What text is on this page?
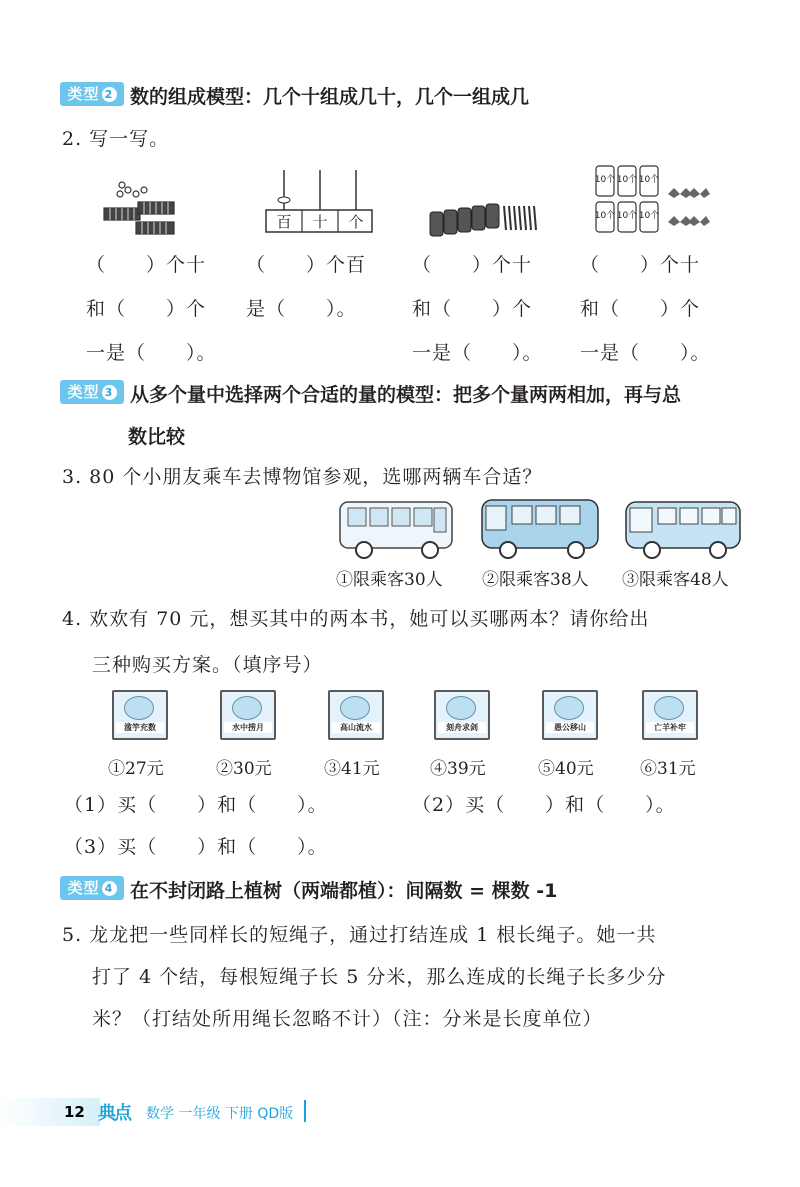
类型 2 数的组成模型：几个十组成几十，几个一组成几
2. 写一写。
百 十 个
10个 10个 10个
10个 10个 10个
（　　）个十
和（　　）个
一是（　　）。
（　　）个百
是（　　）。
（　　）个十
和（　　）个
一是（　　）。
（　　）个十
和（　　）个
一是（　　）。
类型 3 从多个量中选择两个合适的量的模型：把多个量两两相加，再与总
数比较
3. 80 个小朋友乘车去博物馆参观，选哪两辆车合适？
①限乘客30人 ②限乘客38人 ③限乘客48人
4. 欢欢有 70 元，想买其中的两本书，她可以买哪两本？请你给出
三种购买方案。（填序号）
滥竽充数	水中捞月	高山流水	刻舟求剑	愚公移山	亡羊补牢
①27元	②30元	③41元	④39元	⑤40元	⑥31元
（1）买（　　）和（　　）。	（2）买（　　）和（　　）。
（3）买（　　）和（　　）。
类型 4 在不封闭路上植树（两端都植）：间隔数 = 棵数 -1
5. 龙龙把一些同样长的短绳子，通过打结连成 1 根长绳子。她一共
打了 4 个结，每根短绳子长 5 分米，那么连成的长绳子长多少分
米？（打结处所用绳长忽略不计）（注：分米是长度单位）
12 典点 数学 一年级 下册 QD版
